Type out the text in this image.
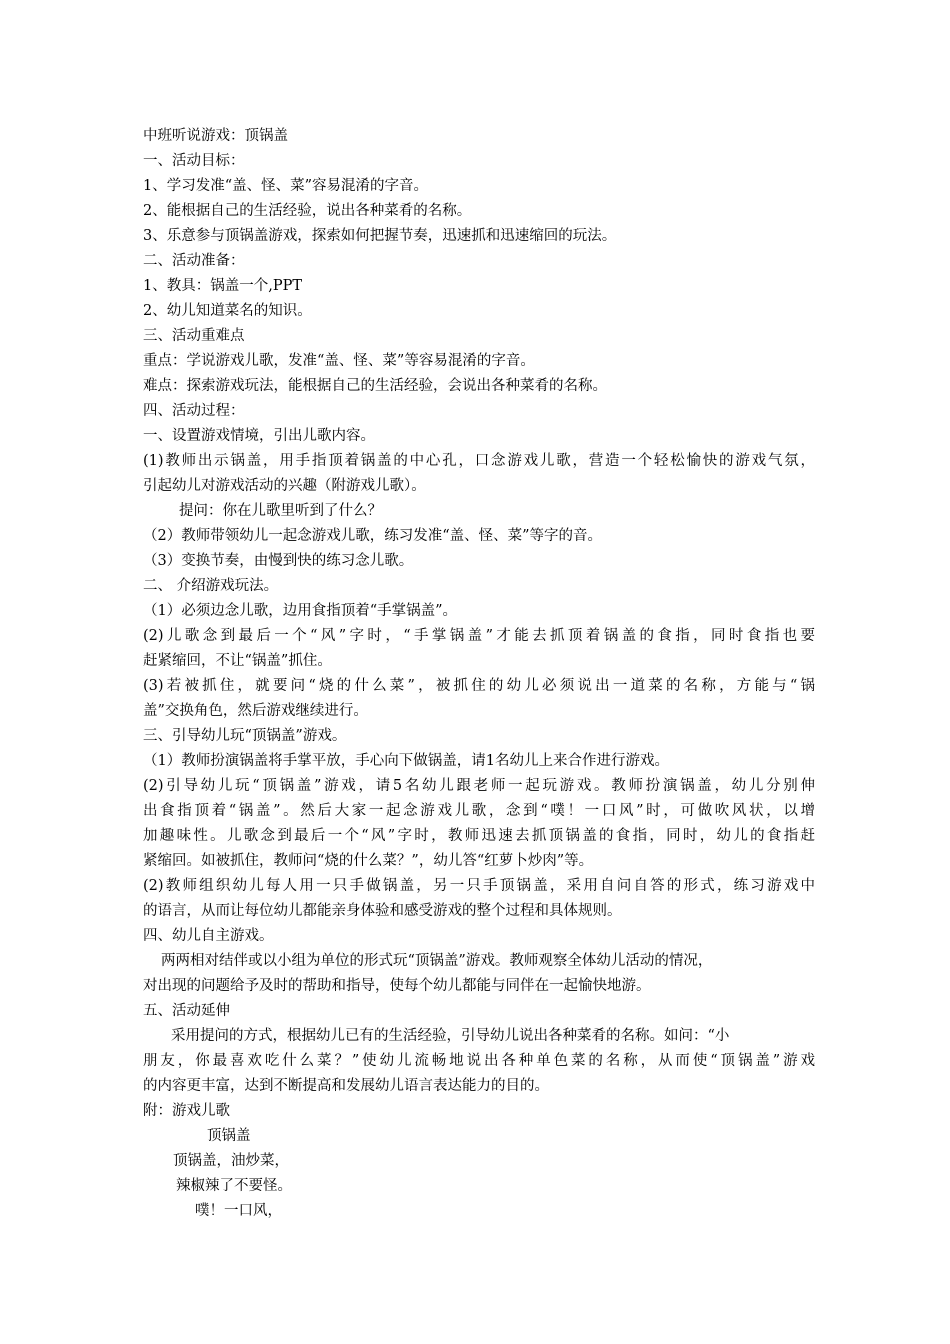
中班听说游戏：顶锅盖
一、活动目标：
1、学习发准“盖、怪、菜”容易混淆的字音。
2、能根据自己的生活经验，说出各种菜肴的名称。
3、乐意参与顶锅盖游戏，探索如何把握节奏，迅速抓和迅速缩回的玩法。
二、活动准备：
1、教具：锅盖一个,PPT
2、幼儿知道菜名的知识。
三、活动重难点
重点：学说游戏儿歌，发准“盖、怪、菜”等容易混淆的字音。
难点：探索游戏玩法，能根据自己的生活经验，会说出各种菜肴的名称。
四、活动过程：
一、设置游戏情境，引出儿歌内容。
(1)教师出示锅盖，用手指顶着锅盖的中心孔，口念游戏儿歌，营造一个轻松愉快的游戏气氛，
引起幼儿对游戏活动的兴趣（附游戏儿歌）。
提问：你在儿歌里听到了什么？
（2）教师带领幼儿一起念游戏儿歌，练习发准“盖、怪、菜”等字的音。
（3）变换节奏，由慢到快的练习念儿歌。
二、 介绍游戏玩法。
（1）必须边念儿歌，边用食指顶着“手掌锅盖”。
(2)儿歌念到最后一个“风”字时，“手掌锅盖”才能去抓顶着锅盖的食指，同时食指也要
赶紧缩回，不让“锅盖”抓住。
(3)若被抓住，就要问“烧的什么菜”，被抓住的幼儿必须说出一道菜的名称，方能与“锅
盖”交换角色，然后游戏继续进行。
三、引导幼儿玩“顶锅盖”游戏。
（1）教师扮演锅盖将手掌平放，手心向下做锅盖，请1名幼儿上来合作进行游戏。
(2)引导幼儿玩“顶锅盖”游戏，请5名幼儿跟老师一起玩游戏。教师扮演锅盖，幼儿分别伸
出食指顶着“锅盖”。然后大家一起念游戏儿歌，念到“噗！一口风”时，可做吹风状，以增
加趣味性。儿歌念到最后一个“风”字时，教师迅速去抓顶锅盖的食指，同时，幼儿的食指赶
紧缩回。如被抓住，教师问“烧的什么菜？”，幼儿答“红萝卜炒肉”等。
(2)教师组织幼儿每人用一只手做锅盖，另一只手顶锅盖，采用自问自答的形式，练习游戏中
的语言，从而让每位幼儿都能亲身体验和感受游戏的整个过程和具体规则。
四、幼儿自主游戏。
两两相对结伴或以小组为单位的形式玩“顶锅盖”游戏。教师观察全体幼儿活动的情况，
对出现的问题给予及时的帮助和指导，使每个幼儿都能与同伴在一起愉快地游。
五、活动延伸
采用提问的方式，根据幼儿已有的生活经验，引导幼儿说出各种菜肴的名称。如问：“小
朋友，你最喜欢吃什么菜？”使幼儿流畅地说出各种单色菜的名称，从而使“顶锅盖”游戏
的内容更丰富，达到不断提高和发展幼儿语言表达能力的目的。
附：游戏儿歌
顶锅盖
顶锅盖，油炒菜，
辣椒辣了不要怪。
噗！一口风，
